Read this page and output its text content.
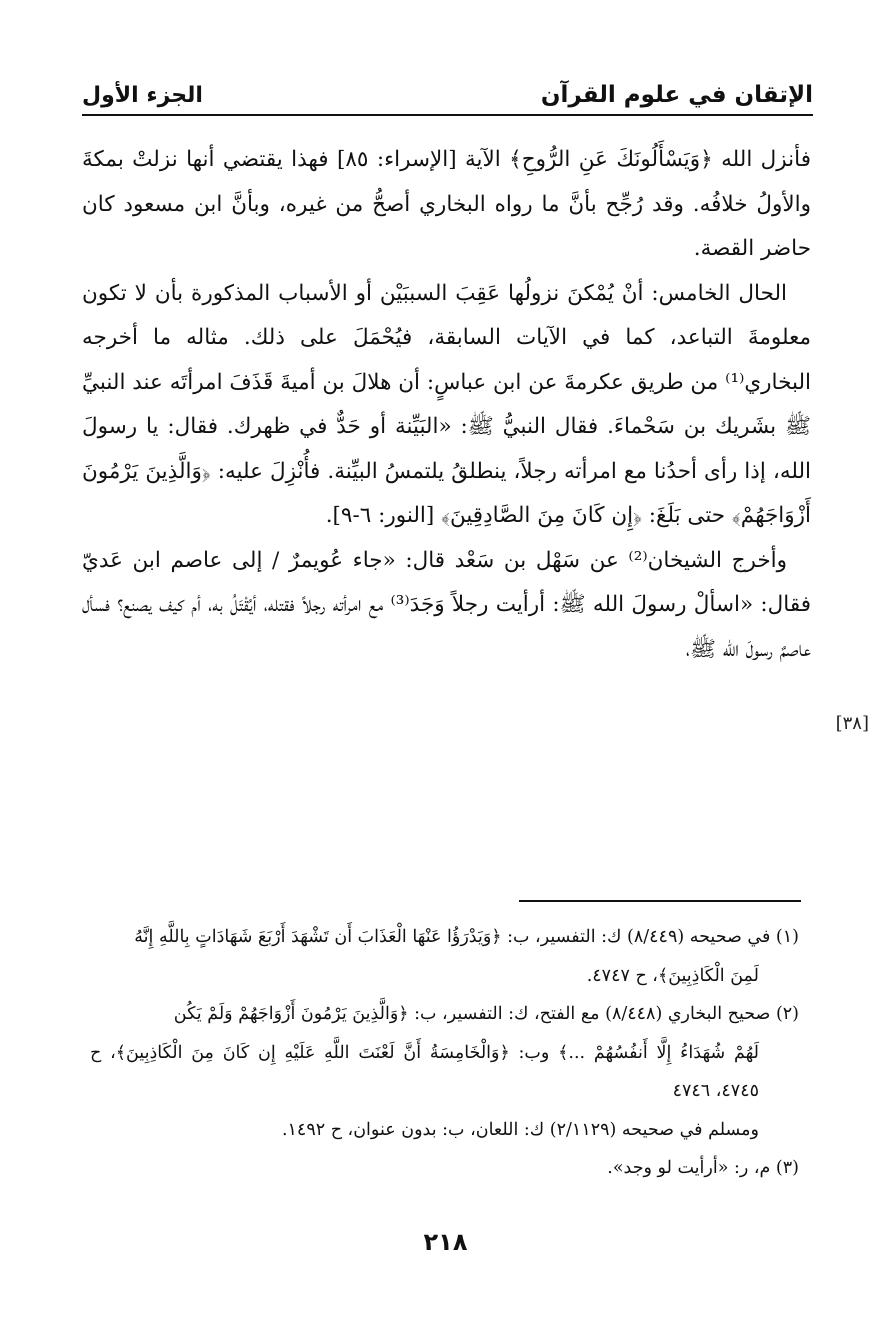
الإتقان في علوم القرآن
الجزء الأول

فأنزل الله ﴿وَيَسْأَلُونَكَ عَنِ الرُّوحِ﴾ الآية [الإسراء: ٨٥] فهذا يقتضي أنها نزلتْ بمكةَ والأولُ خلافُه. وقد رُجِّح بأنَّ ما رواه البخاري أصحُّ من غيره، وبأنَّ ابن مسعود كان حاضر القصة.

الحال الخامس: أنْ يُمْكنَ نزولُها عَقِبَ السببَيْن أو الأسباب المذكورة بأن لا تكون معلومةَ التباعد، كما في الآيات السابقة، فيُحْمَلَ على ذلك. مثاله ما أخرجه البخاري⁽¹⁾ من طريق عكرمةَ عن ابن عباسٍ: أن هلالَ بن أميةَ قَذَفَ امرأتَه عند النبيِّ ﷺ بشَريك بن سَحْماءَ. فقال النبيُّ ﷺ: «البَيِّنة أو حَدٌّ في ظهرك. فقال: يا رسولَ الله، إذا رأى أحدُنا مع امرأته رجلاً، ينطلقُ يلتمسُ البيِّنة. فأُنْزِلَ عليه: ﴿وَالَّذِينَ يَرْمُونَ أَزْوَاجَهُمْ﴾ حتى بَلَغَ: ﴿إِن كَانَ مِنَ الصَّادِقِينَ﴾ [النور: ٦-٩].

وأخرج الشيخان⁽²⁾ عن سَهْل بن سَعْد قال: «جاء عُويمرٌ / إلى عاصم ابن عَديّ فقال: «اسألْ رسولَ الله ﷺ: أرأيت رجلاً وَجَدَ⁽³⁾ مع امرأته رجلاً فقتله، أيُقْتَلُ به، أم كيف يصنع؟ فسأل عاصمٌ رسولَ الله ﷺ،

[٣٨]

(١) في صحيحه (٨/٤٤٩) ك: التفسير، ب: ﴿وَيَدْرَؤُا عَنْهَا الْعَذَابَ أَن تَشْهَدَ أَرْبَعَ شَهَادَاتٍ بِاللَّهِ إِنَّهُ

لَمِنَ الْكَاذِبِينَ﴾، ح ٤٧٤٧.

(٢) صحيح البخاري (٨/٤٤٨) مع الفتح، ك: التفسير، ب: ﴿وَالَّذِينَ يَرْمُونَ أَزْوَاجَهُمْ وَلَمْ يَكُن

لَهُمْ شُهَدَاءُ إِلَّا أَنفُسُهُمْ ...﴾ وب: ﴿وَالْخَامِسَةُ أَنَّ لَعْنَتَ اللَّهِ عَلَيْهِ إِن كَانَ مِنَ الْكَاذِبِينَ﴾، ح ٤٧٤٥، ٤٧٤٦

ومسلم في صحيحه (٢/١١٢٩) ك: اللعان، ب: بدون عنوان، ح ١٤٩٢.

(٣) م، ر: «أرأيت لو وجد».

٢١٨
